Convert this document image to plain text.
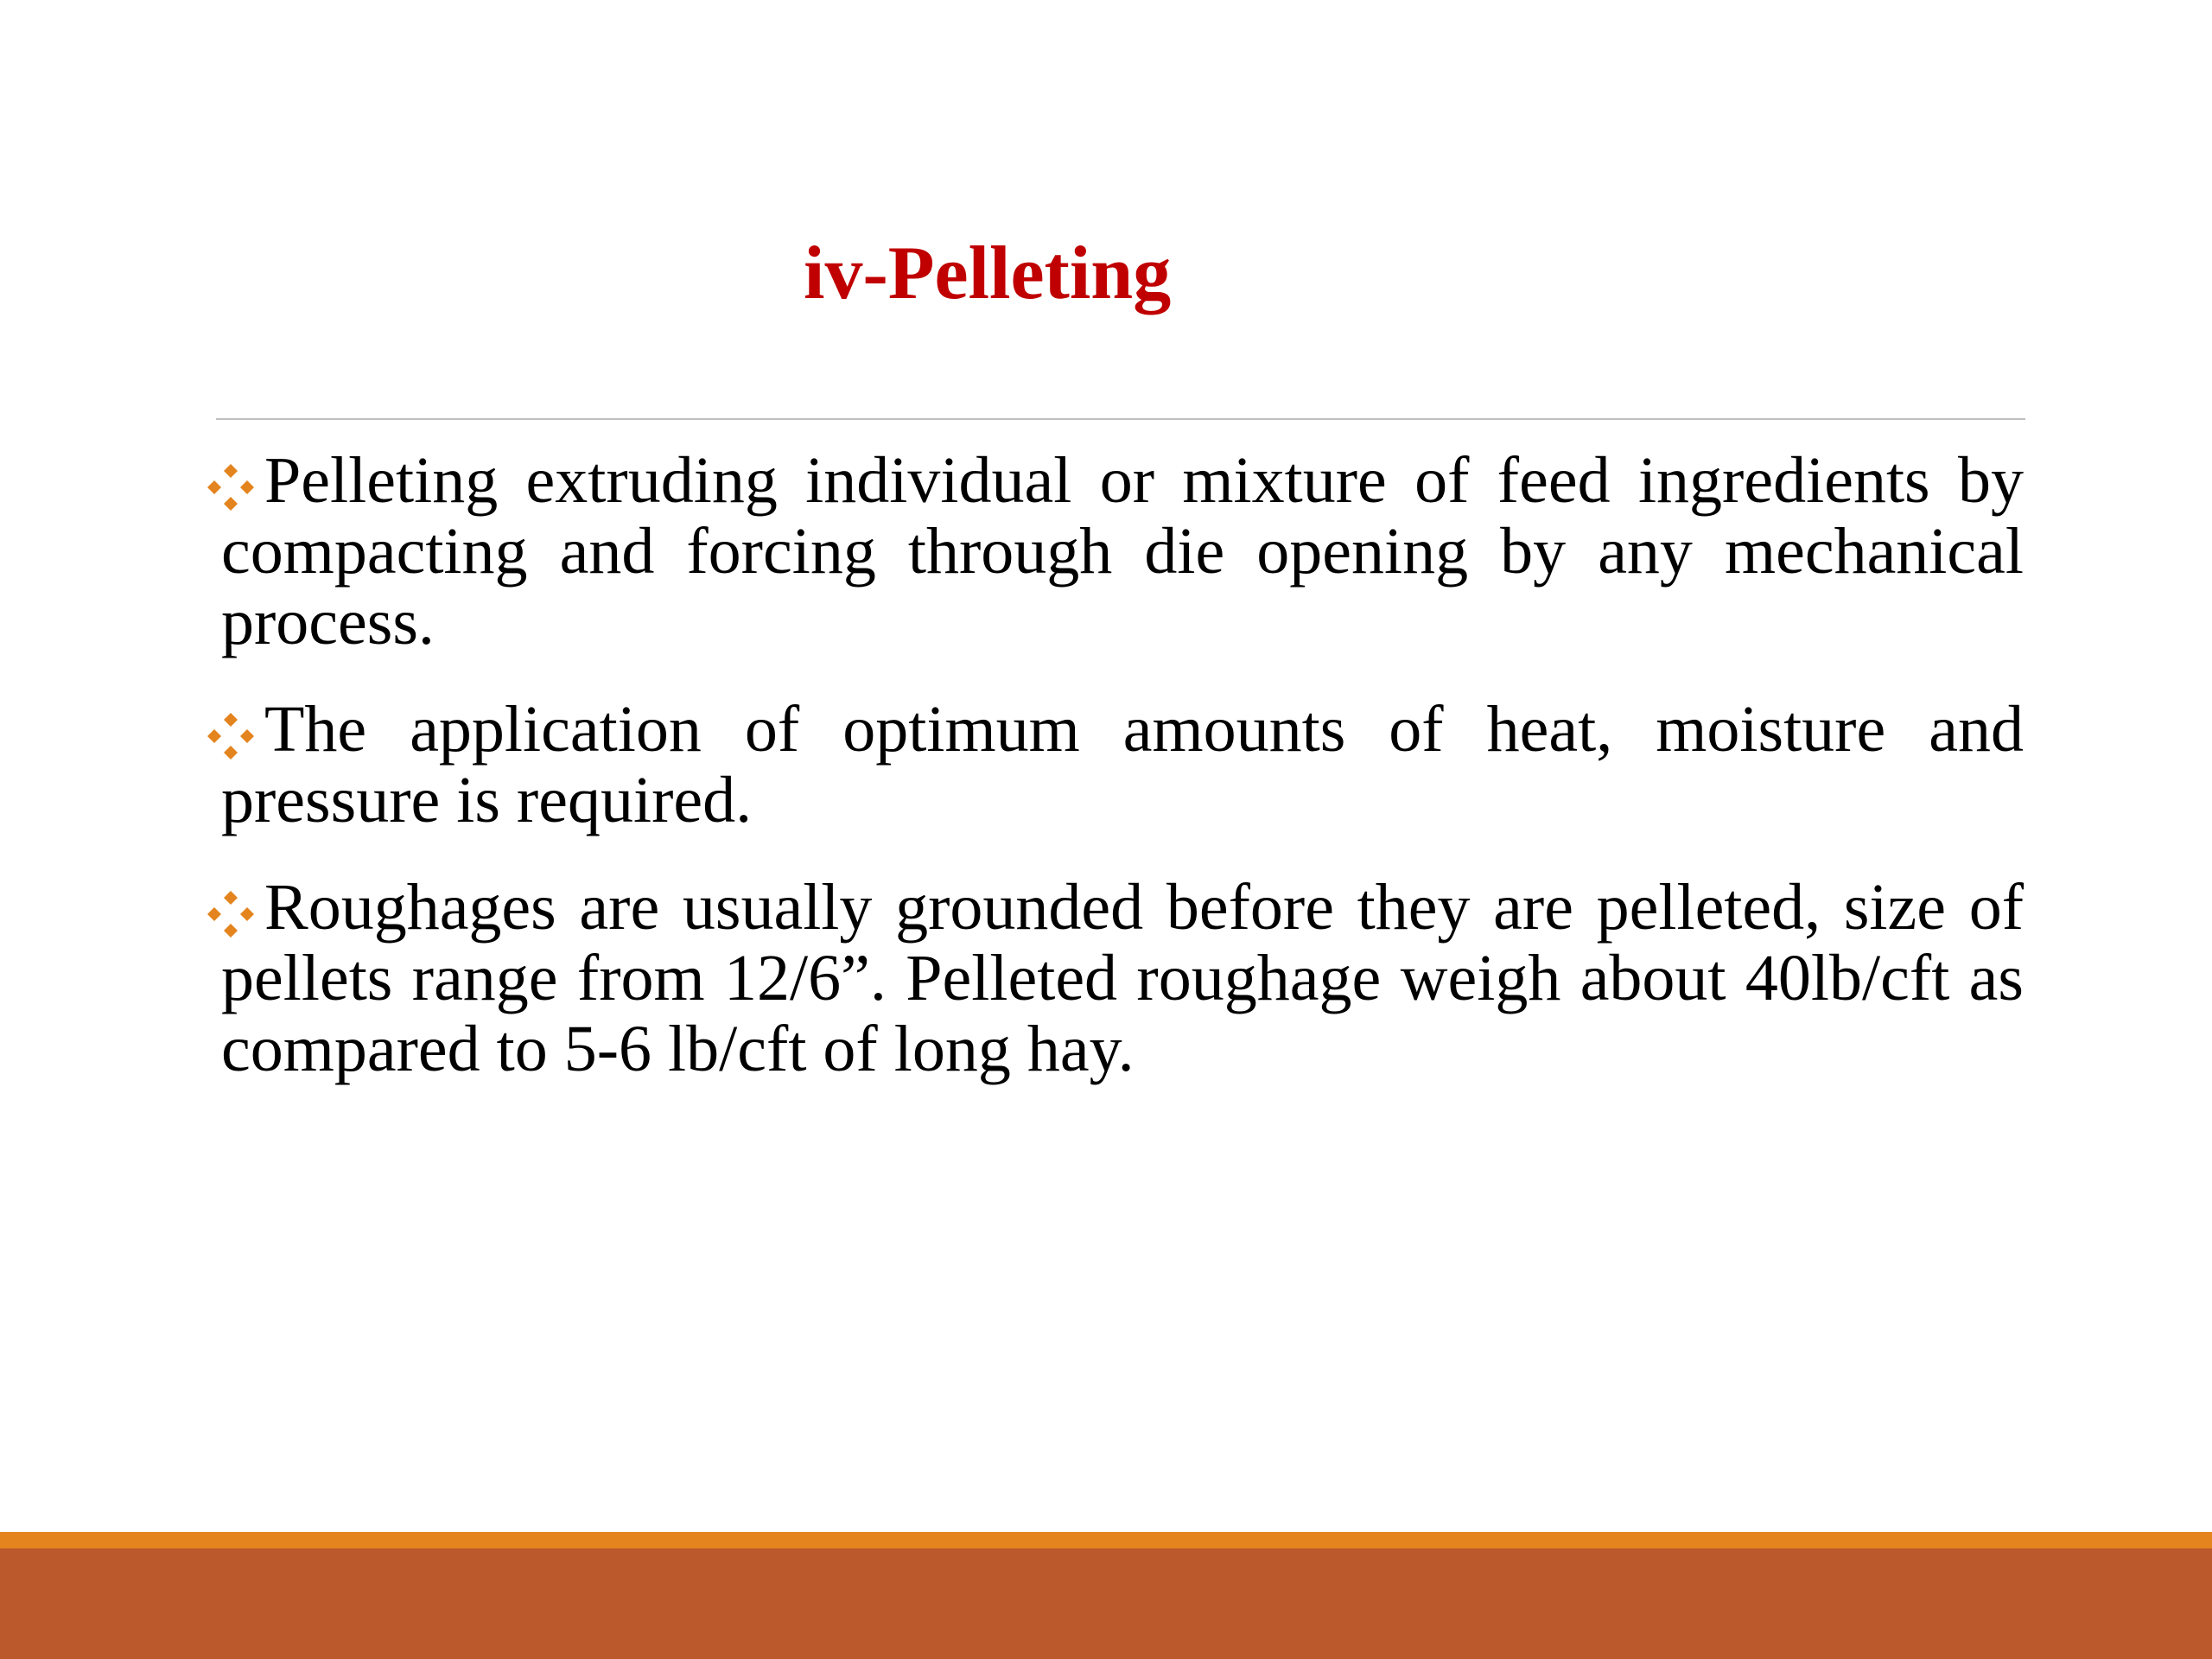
iv-Pelleting
Pelleting extruding individual or mixture of feed ingredients by compacting and forcing through die opening by any mechanical process.
The application of optimum amounts of heat, moisture and pressure is required.
Roughages are usually grounded before they are pelleted, size of pellets range from 12/6”. Pelleted roughage weigh about 40lb/cft as compared to 5-6 lb/cft of long hay.
